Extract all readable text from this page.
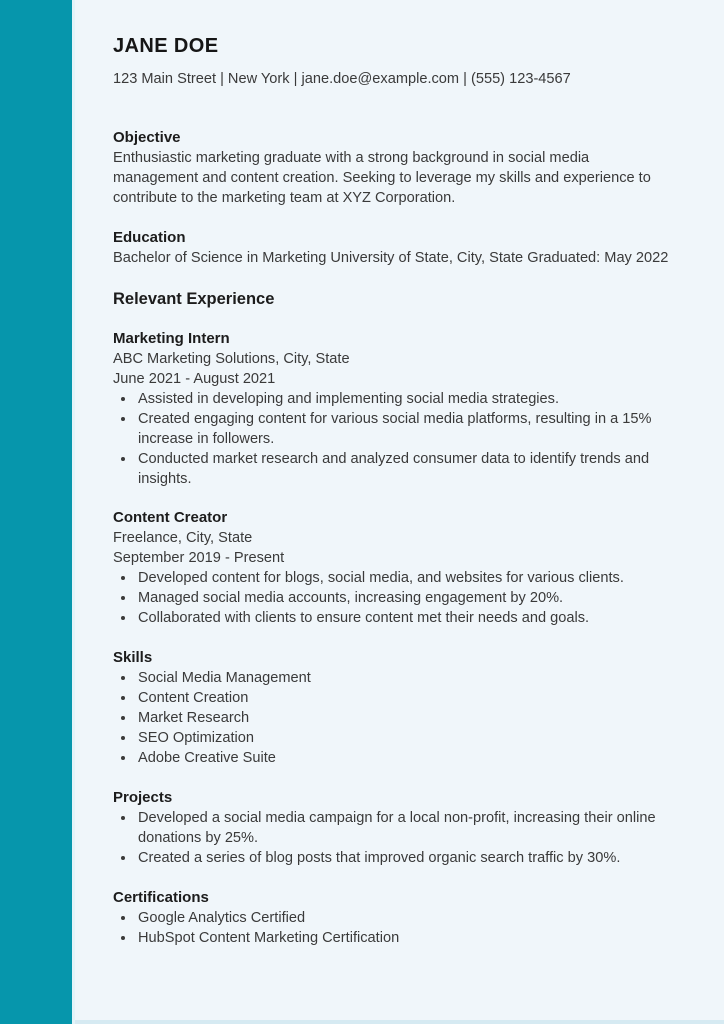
JANE DOE
123 Main Street | New York | jane.doe@example.com | (555) 123-4567
Objective
Enthusiastic marketing graduate with a strong background in social media management and content creation. Seeking to leverage my skills and experience to contribute to the marketing team at XYZ Corporation.
Education
Bachelor of Science in Marketing University of State, City, State Graduated: May 2022
Relevant Experience
Marketing Intern
ABC Marketing Solutions, City, State
June 2021 - August 2021
• Assisted in developing and implementing social media strategies.
• Created engaging content for various social media platforms, resulting in a 15% increase in followers.
• Conducted market research and analyzed consumer data to identify trends and insights.
Content Creator
Freelance, City, State
September 2019 - Present
• Developed content for blogs, social media, and websites for various clients.
• Managed social media accounts, increasing engagement by 20%.
• Collaborated with clients to ensure content met their needs and goals.
Skills
• Social Media Management
• Content Creation
• Market Research
• SEO Optimization
• Adobe Creative Suite
Projects
• Developed a social media campaign for a local non-profit, increasing their online donations by 25%.
• Created a series of blog posts that improved organic search traffic by 30%.
Certifications
• Google Analytics Certified
• HubSpot Content Marketing Certification
